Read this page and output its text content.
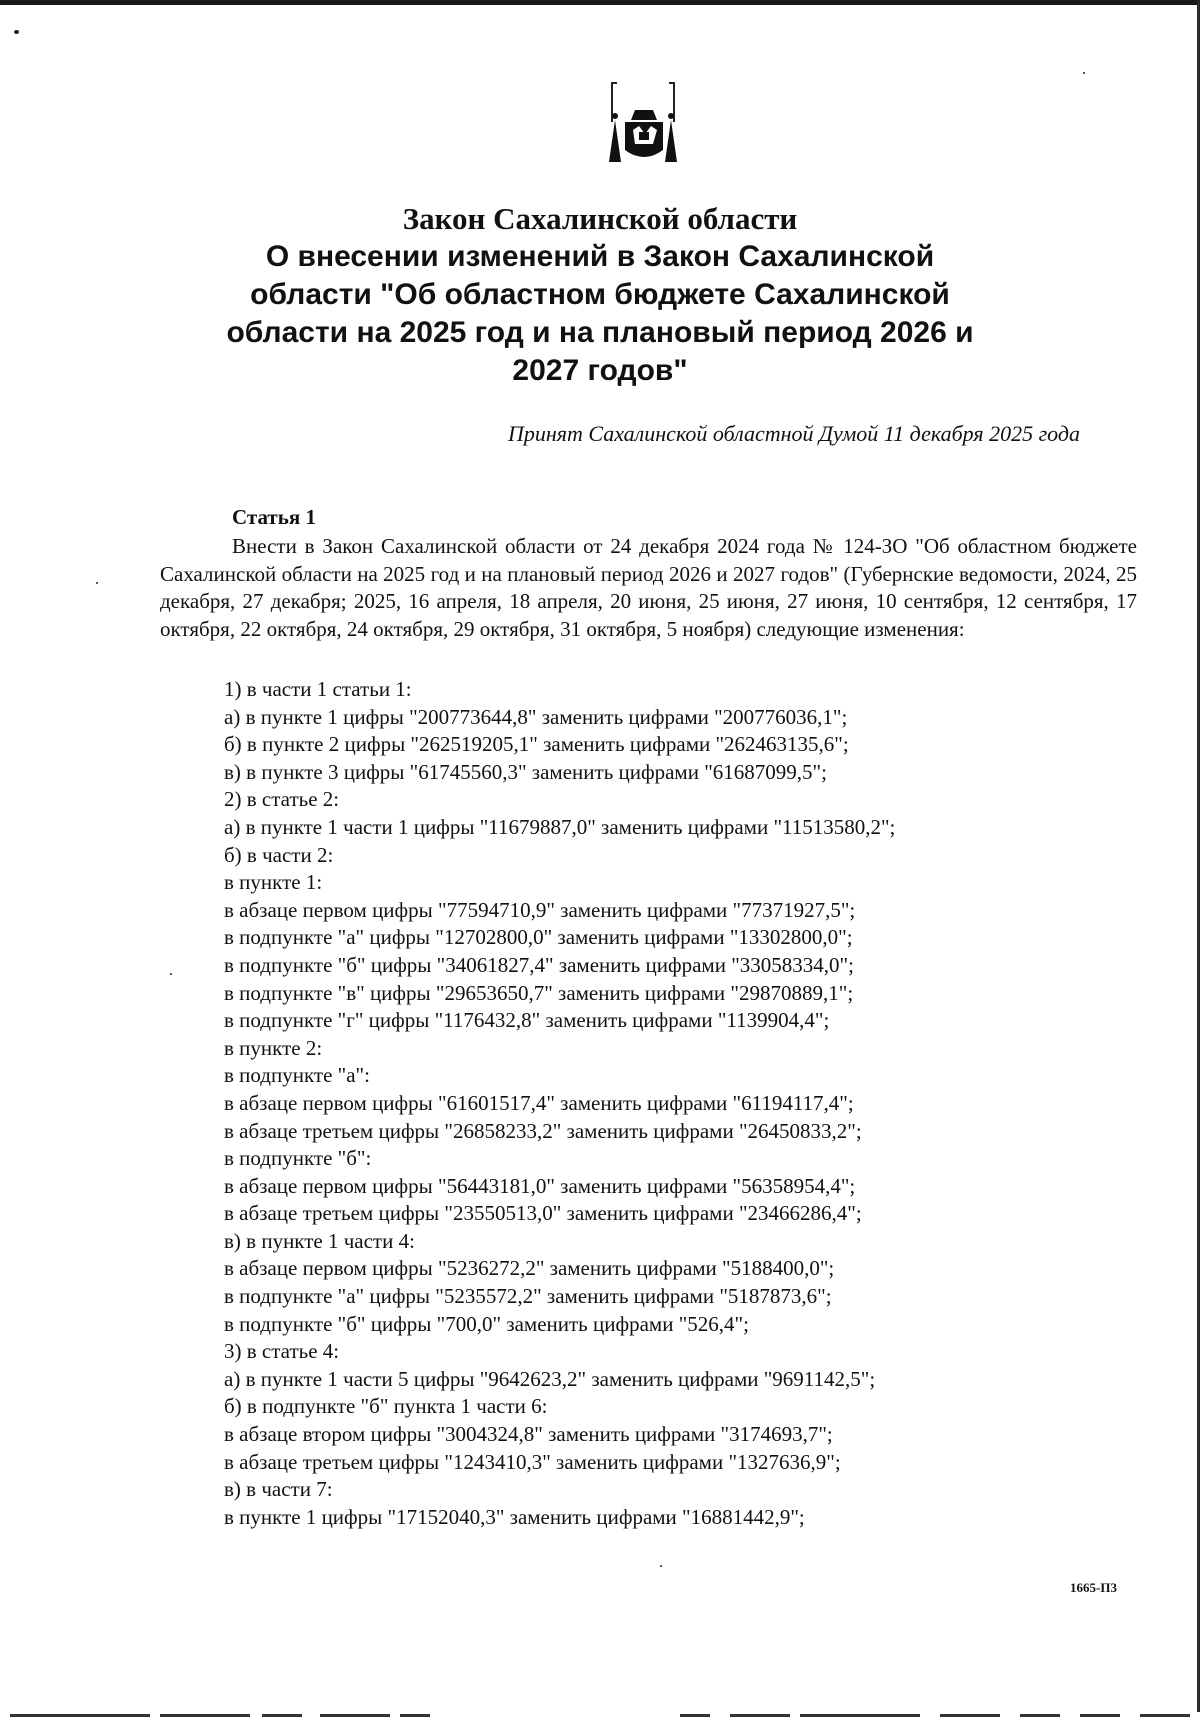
Закон Сахалинской области

О внесении изменений в Закон Сахалинской

области "Об областном бюджете Сахалинской

области на 2025 год и на плановый период 2026 и

2027 годов"

Принят Сахалинской областной Думой 11 декабря 2025 года
Статья 1

Внести в Закон Сахалинской области от 24 декабря 2024 года № 124-ЗО "Об областном бюджете Сахалинской области на 2025 год и на плановый период 2026 и 2027 годов" (Губернские ведомости, 2024, 25 декабря, 27 декабря; 2025, 16 апреля, 18 апреля, 20 июня, 25 июня, 27 июня, 10 сентября, 12 сентября, 17 октября, 22 октября, 24 октября, 29 октября, 31 октября, 5 ноября) следующие изменения:

1) в части 1 статьи 1:
а) в пункте 1 цифры "200773644,8" заменить цифрами "200776036,1";
б) в пункте 2 цифры "262519205,1" заменить цифрами "262463135,6";
в) в пункте 3 цифры "61745560,3" заменить цифрами "61687099,5";
2) в статье 2:
а) в пункте 1 части 1 цифры "11679887,0" заменить цифрами "11513580,2";
б) в части 2:
в пункте 1:
в абзаце первом цифры "77594710,9" заменить цифрами "77371927,5";
в подпункте "а" цифры "12702800,0" заменить цифрами "13302800,0";
в подпункте "б" цифры "34061827,4" заменить цифрами "33058334,0";
в подпункте "в" цифры "29653650,7" заменить цифрами "29870889,1";
в подпункте "г" цифры "1176432,8" заменить цифрами "1139904,4";
в пункте 2:
в подпункте "а":
в абзаце первом цифры "61601517,4" заменить цифрами "61194117,4";
в абзаце третьем цифры "26858233,2" заменить цифрами "26450833,2";
в подпункте "б":
в абзаце первом цифры "56443181,0" заменить цифрами "56358954,4";
в абзаце третьем цифры "23550513,0" заменить цифрами "23466286,4";
в) в пункте 1 части 4:
в абзаце первом цифры "5236272,2" заменить цифрами "5188400,0";
в подпункте "а" цифры "5235572,2" заменить цифрами "5187873,6";
в подпункте "б" цифры "700,0" заменить цифрами "526,4";
3) в статье 4:
а) в пункте 1 части 5 цифры "9642623,2" заменить цифрами "9691142,5";
б) в подпункте "б" пункта 1 части 6:
в абзаце втором цифры "3004324,8" заменить цифрами "3174693,7";
в абзаце третьем цифры "1243410,3" заменить цифрами "1327636,9";
в) в части 7:
в пункте 1 цифры "17152040,3" заменить цифрами "16881442,9";
1665-П3
